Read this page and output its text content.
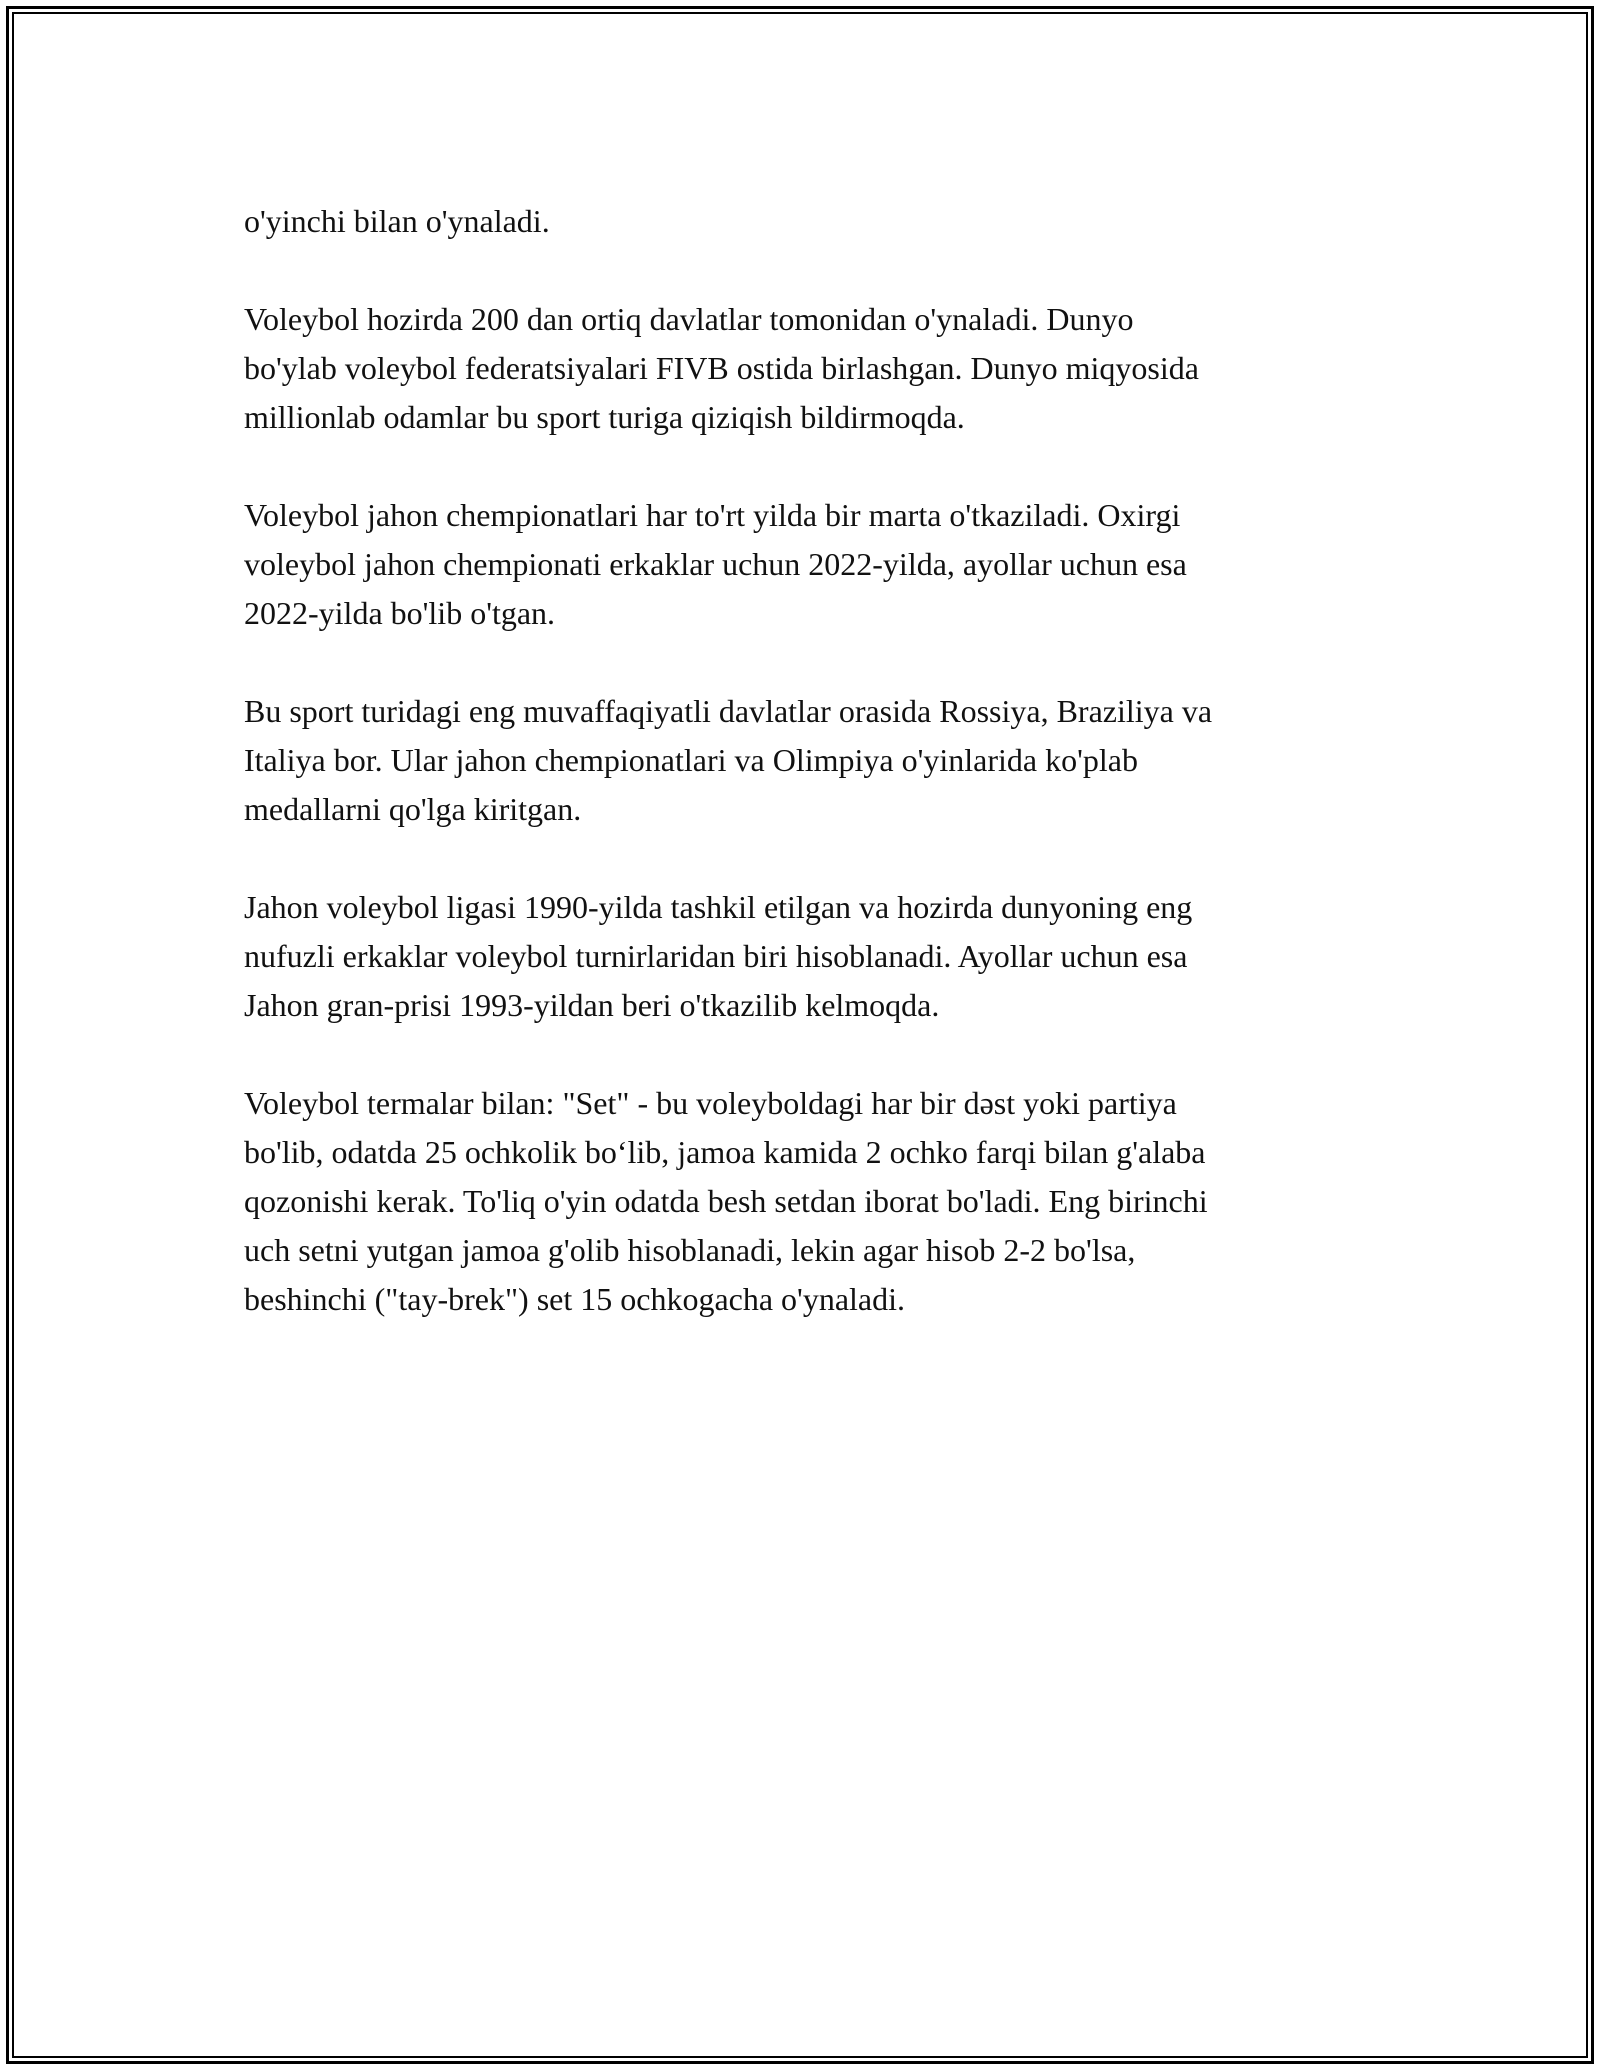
o'yinchi bilan o'ynaladi.

Voleybol hozirda 200 dan ortiq davlatlar tomonidan o'ynaladi. Dunyo
bo'ylab voleybol federatsiyalari FIVB ostida birlashgan. Dunyo miqyosida
millionlab odamlar bu sport turiga qiziqish bildirmoqda.

Voleybol jahon chempionatlari har to'rt yilda bir marta o'tkaziladi. Oxirgi
voleybol jahon chempionati erkaklar uchun 2022-yilda, ayollar uchun esa
2022-yilda bo'lib o'tgan.

Bu sport turidagi eng muvaffaqiyatli davlatlar orasida Rossiya, Braziliya va
Italiya bor. Ular jahon chempionatlari va Olimpiya o'yinlarida ko'plab
medallarni qo'lga kiritgan.

Jahon voleybol ligasi 1990-yilda tashkil etilgan va hozirda dunyoning eng
nufuzli erkaklar voleybol turnirlaridan biri hisoblanadi. Ayollar uchun esa
Jahon gran-prisi 1993-yildan beri o'tkazilib kelmoqda.

Voleybol termalar bilan: "Set" - bu voleyboldagi har bir dəst yoki partiya
bo'lib, odatda 25 ochkolik boʻlib, jamoa kamida 2 ochko farqi bilan g'alaba
qozonishi kerak. To'liq o'yin odatda besh setdan iborat bo'ladi. Eng birinchi
uch setni yutgan jamoa g'olib hisoblanadi, lekin agar hisob 2-2 bo'lsa,
beshinchi ("tay-brek") set 15 ochkogacha o'ynaladi.
